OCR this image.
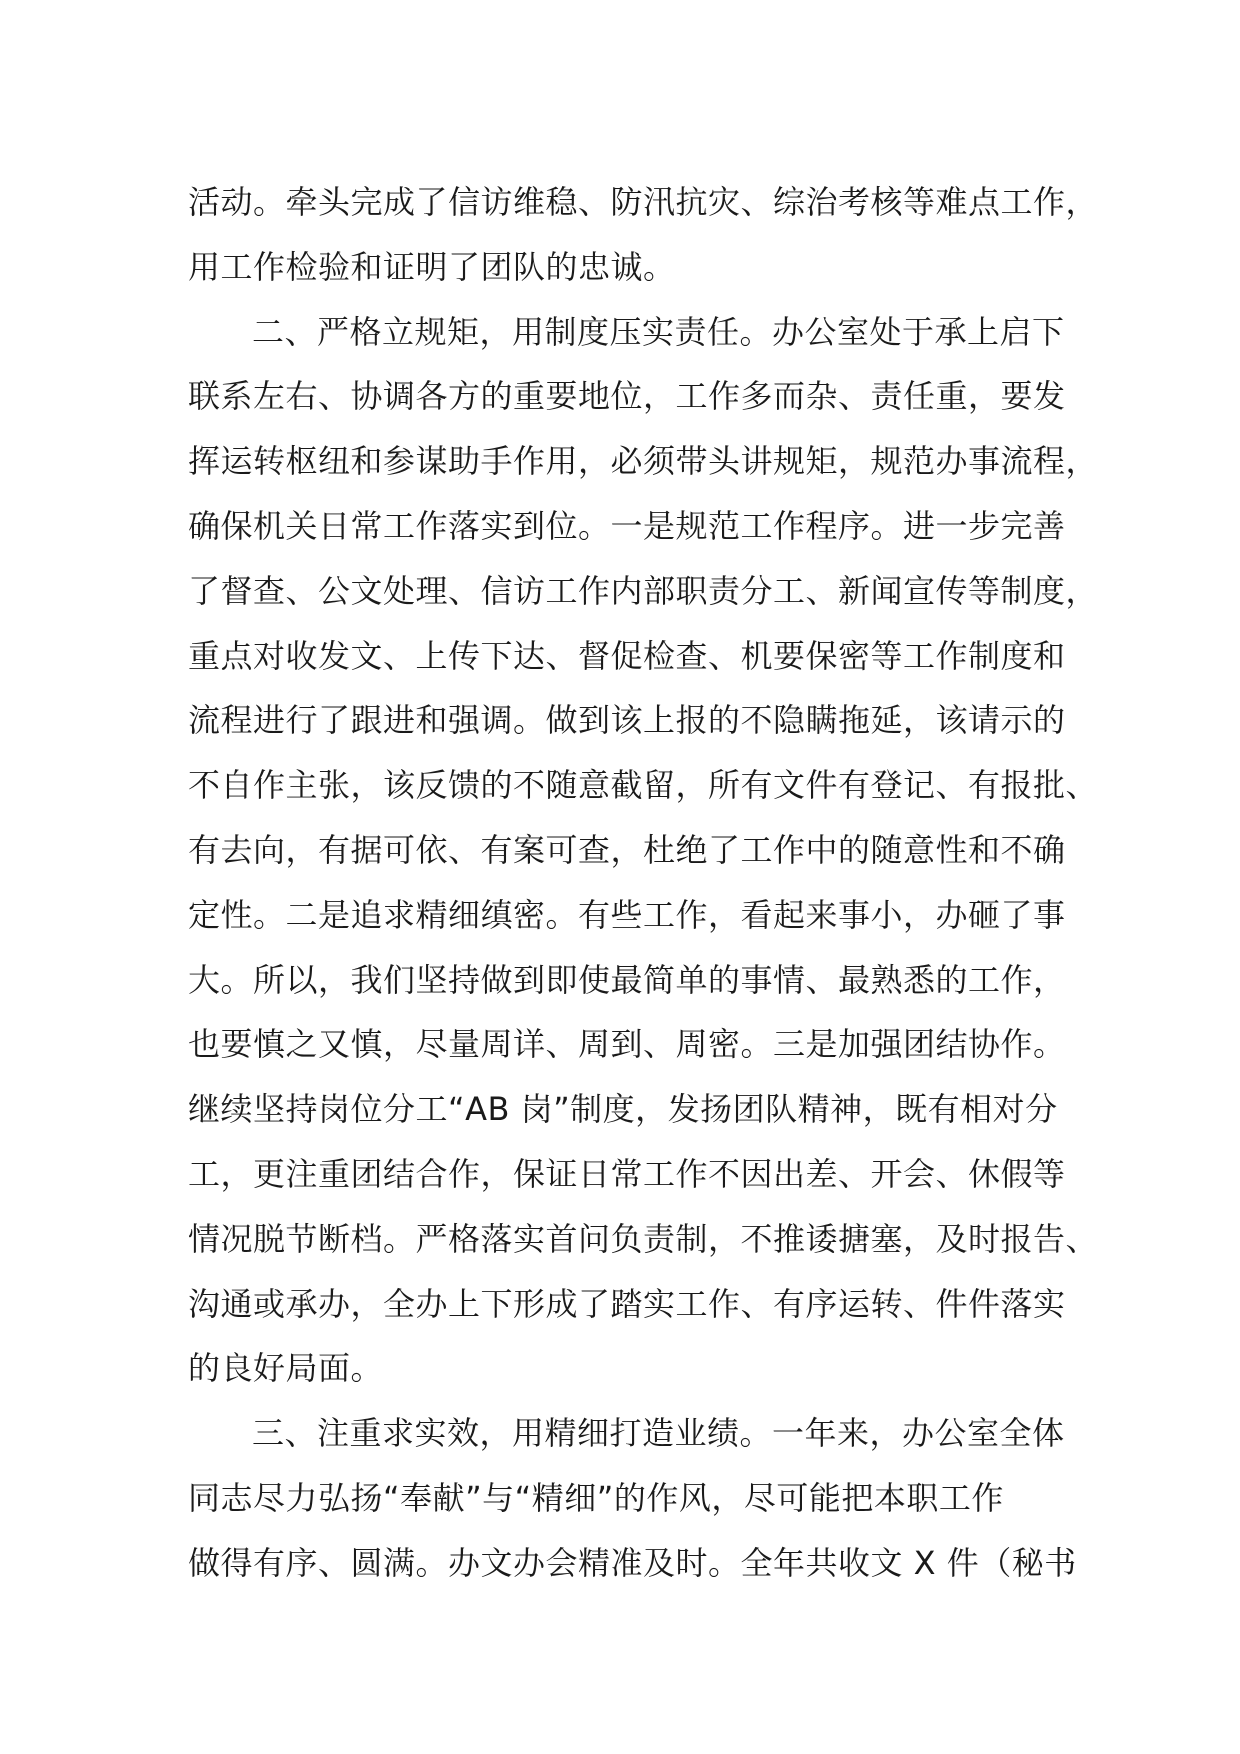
活动。牵头完成了信访维稳、防汛抗灾、综治考核等难点工作，
用工作检验和证明了团队的忠诚。
二、严格立规矩，用制度压实责任。办公室处于承上启下
联系左右、协调各方的重要地位，工作多而杂、责任重，要发
挥运转枢纽和参谋助手作用，必须带头讲规矩，规范办事流程，
确保机关日常工作落实到位。一是规范工作程序。进一步完善
了督查、公文处理、信访工作内部职责分工、新闻宣传等制度，
重点对收发文、上传下达、督促检查、机要保密等工作制度和
流程进行了跟进和强调。做到该上报的不隐瞒拖延，该请示的
不自作主张，该反馈的不随意截留，所有文件有登记、有报批、
有去向，有据可依、有案可查，杜绝了工作中的随意性和不确
定性。二是追求精细缜密。有些工作，看起来事小，办砸了事
大。所以，我们坚持做到即使最简单的事情、最熟悉的工作，
也要慎之又慎，尽量周详、周到、周密。三是加强团结协作。
继续坚持岗位分工“AB 岗”制度，发扬团队精神，既有相对分
工，更注重团结合作，保证日常工作不因出差、开会、休假等
情况脱节断档。严格落实首问负责制，不推诿搪塞，及时报告、
沟通或承办，全办上下形成了踏实工作、有序运转、件件落实
的良好局面。
三、注重求实效，用精细打造业绩。一年来，办公室全体
同志尽力弘扬“奉献”与“精细”的作风，尽可能把本职工作
做得有序、圆满。办文办会精准及时。全年共收文 X 件（秘书
